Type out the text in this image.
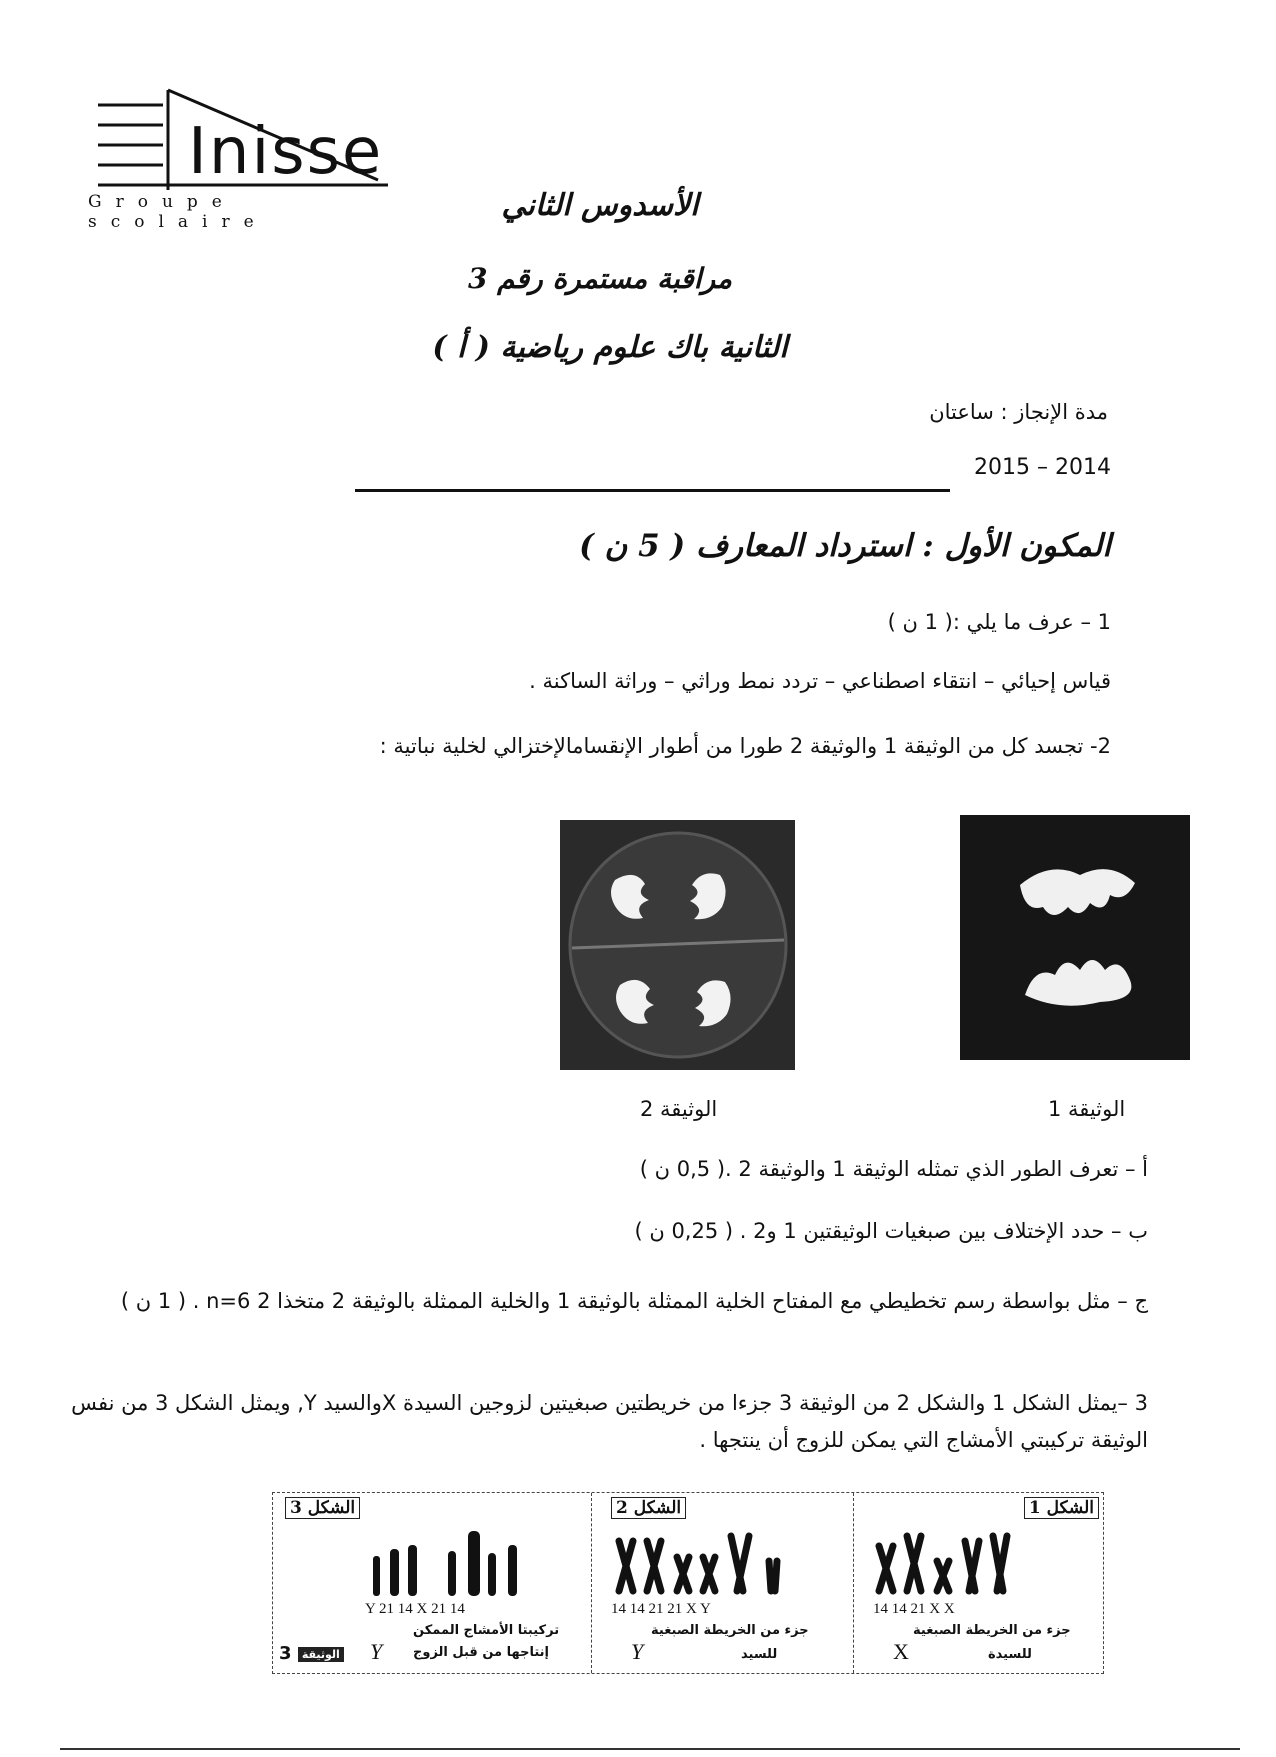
Inisse
Groupe scolaire	الأسدوس الثاني
مراقبة مستمرة رقم 3
الثانية باك علوم رياضية ( أ )
مدة الإنجاز : ساعتان
2015 – 2014
المكون الأول : استرداد المعارف ( 5 ن )
1 – عرف ما يلي :( 1 ن )
قياس إحيائي – انتقاء اصطناعي – تردد نمط وراثي – وراثة الساكنة .
2- تجسد كل من الوثيقة 1 والوثيقة 2 طورا من أطوار الإنقسامالإختزالي لخلية نباتية :
الوثيقة 2	الوثيقة 1
أ – تعرف الطور الذي تمثله الوثيقة 1 والوثيقة 2 .( 0,5 ن )
ب – حدد الإختلاف بين صبغيات الوثيقتين 1 و2 . ( 0,25 ن )
ج – مثل بواسطة رسم تخطيطي مع المفتاح الخلية الممثلة بالوثيقة 1 والخلية الممثلة بالوثيقة 2 متخذا 2 n=6 . ( 1 ن )
3 –يمثل الشكل 1 والشكل 2 من الوثيقة 3 جزءا من خريطتين صبغيتين لزوجين السيدة Xوالسيد Y, ويمثل الشكل 3 من نفس الوثيقة تركيبتي الأمشاج التي يمكن للزوج أن ينتجها .
الشكل 3
Y 21 14 X 21 14
تركيبتا الأمشاج الممكن
إنتاجها من قبل الزوج
Y
3 الوثيقة
الشكل 2
14 14 21 21 X Y
جزء من الخريطة الصبغية
للسيد
Y
الشكل 1
14 14 21 X X
جزء من الخريطة الصبغية
للسيدة
X
